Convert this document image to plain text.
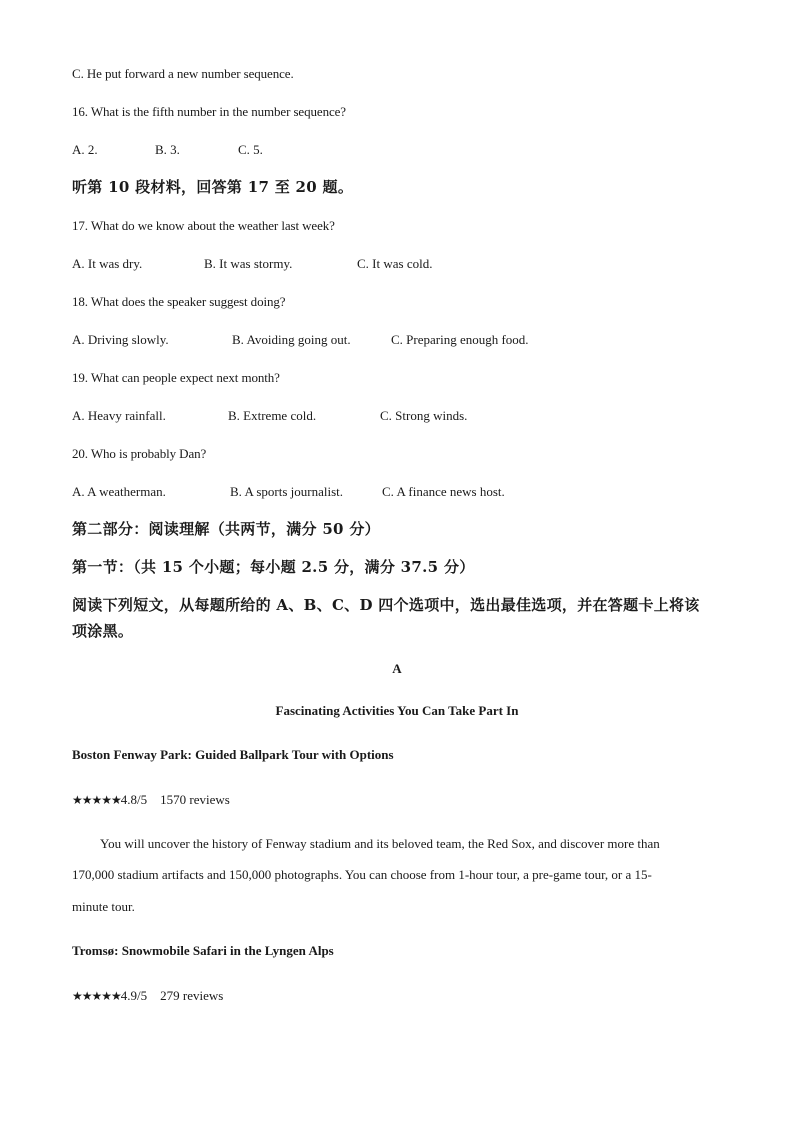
C. He put forward a new number sequence.
16. What is the fifth number in the number sequence?
A. 2.	B. 3.	C. 5.
听第 10 段材料，回答第 17 至 20 题。
17. What do we know about the weather last week?
A. It was dry.	B. It was stormy.	C. It was cold.
18. What does the speaker suggest doing?
A. Driving slowly.	B. Avoiding going out.	C. Preparing enough food.
19. What can people expect next month?
A. Heavy rainfall.	B. Extreme cold.	C. Strong winds.
20. Who is probably Dan?
A. A weatherman.	B. A sports journalist.	C. A finance news host.
第二部分：阅读理解（共两节，满分 50 分）
第一节：（共 15 个小题；每小题 2.5 分，满分 37.5 分）
阅读下列短文，从每题所给的 A、B、C、D 四个选项中，选出最佳选项，并在答题卡上将该
项涂黑。
A
Fascinating Activities You Can Take Part In
Boston Fenway Park: Guided Ballpark Tour with Options
★★★★★4.8/5 1570 reviews
You will uncover the history of Fenway stadium and its beloved team, the Red Sox, and discover more than
170,000 stadium artifacts and 150,000 photographs. You can choose from 1-hour tour, a pre-game tour, or a 15-
minute tour.
Tromsø: Snowmobile Safari in the Lyngen Alps
★★★★★4.9/5 279 reviews
